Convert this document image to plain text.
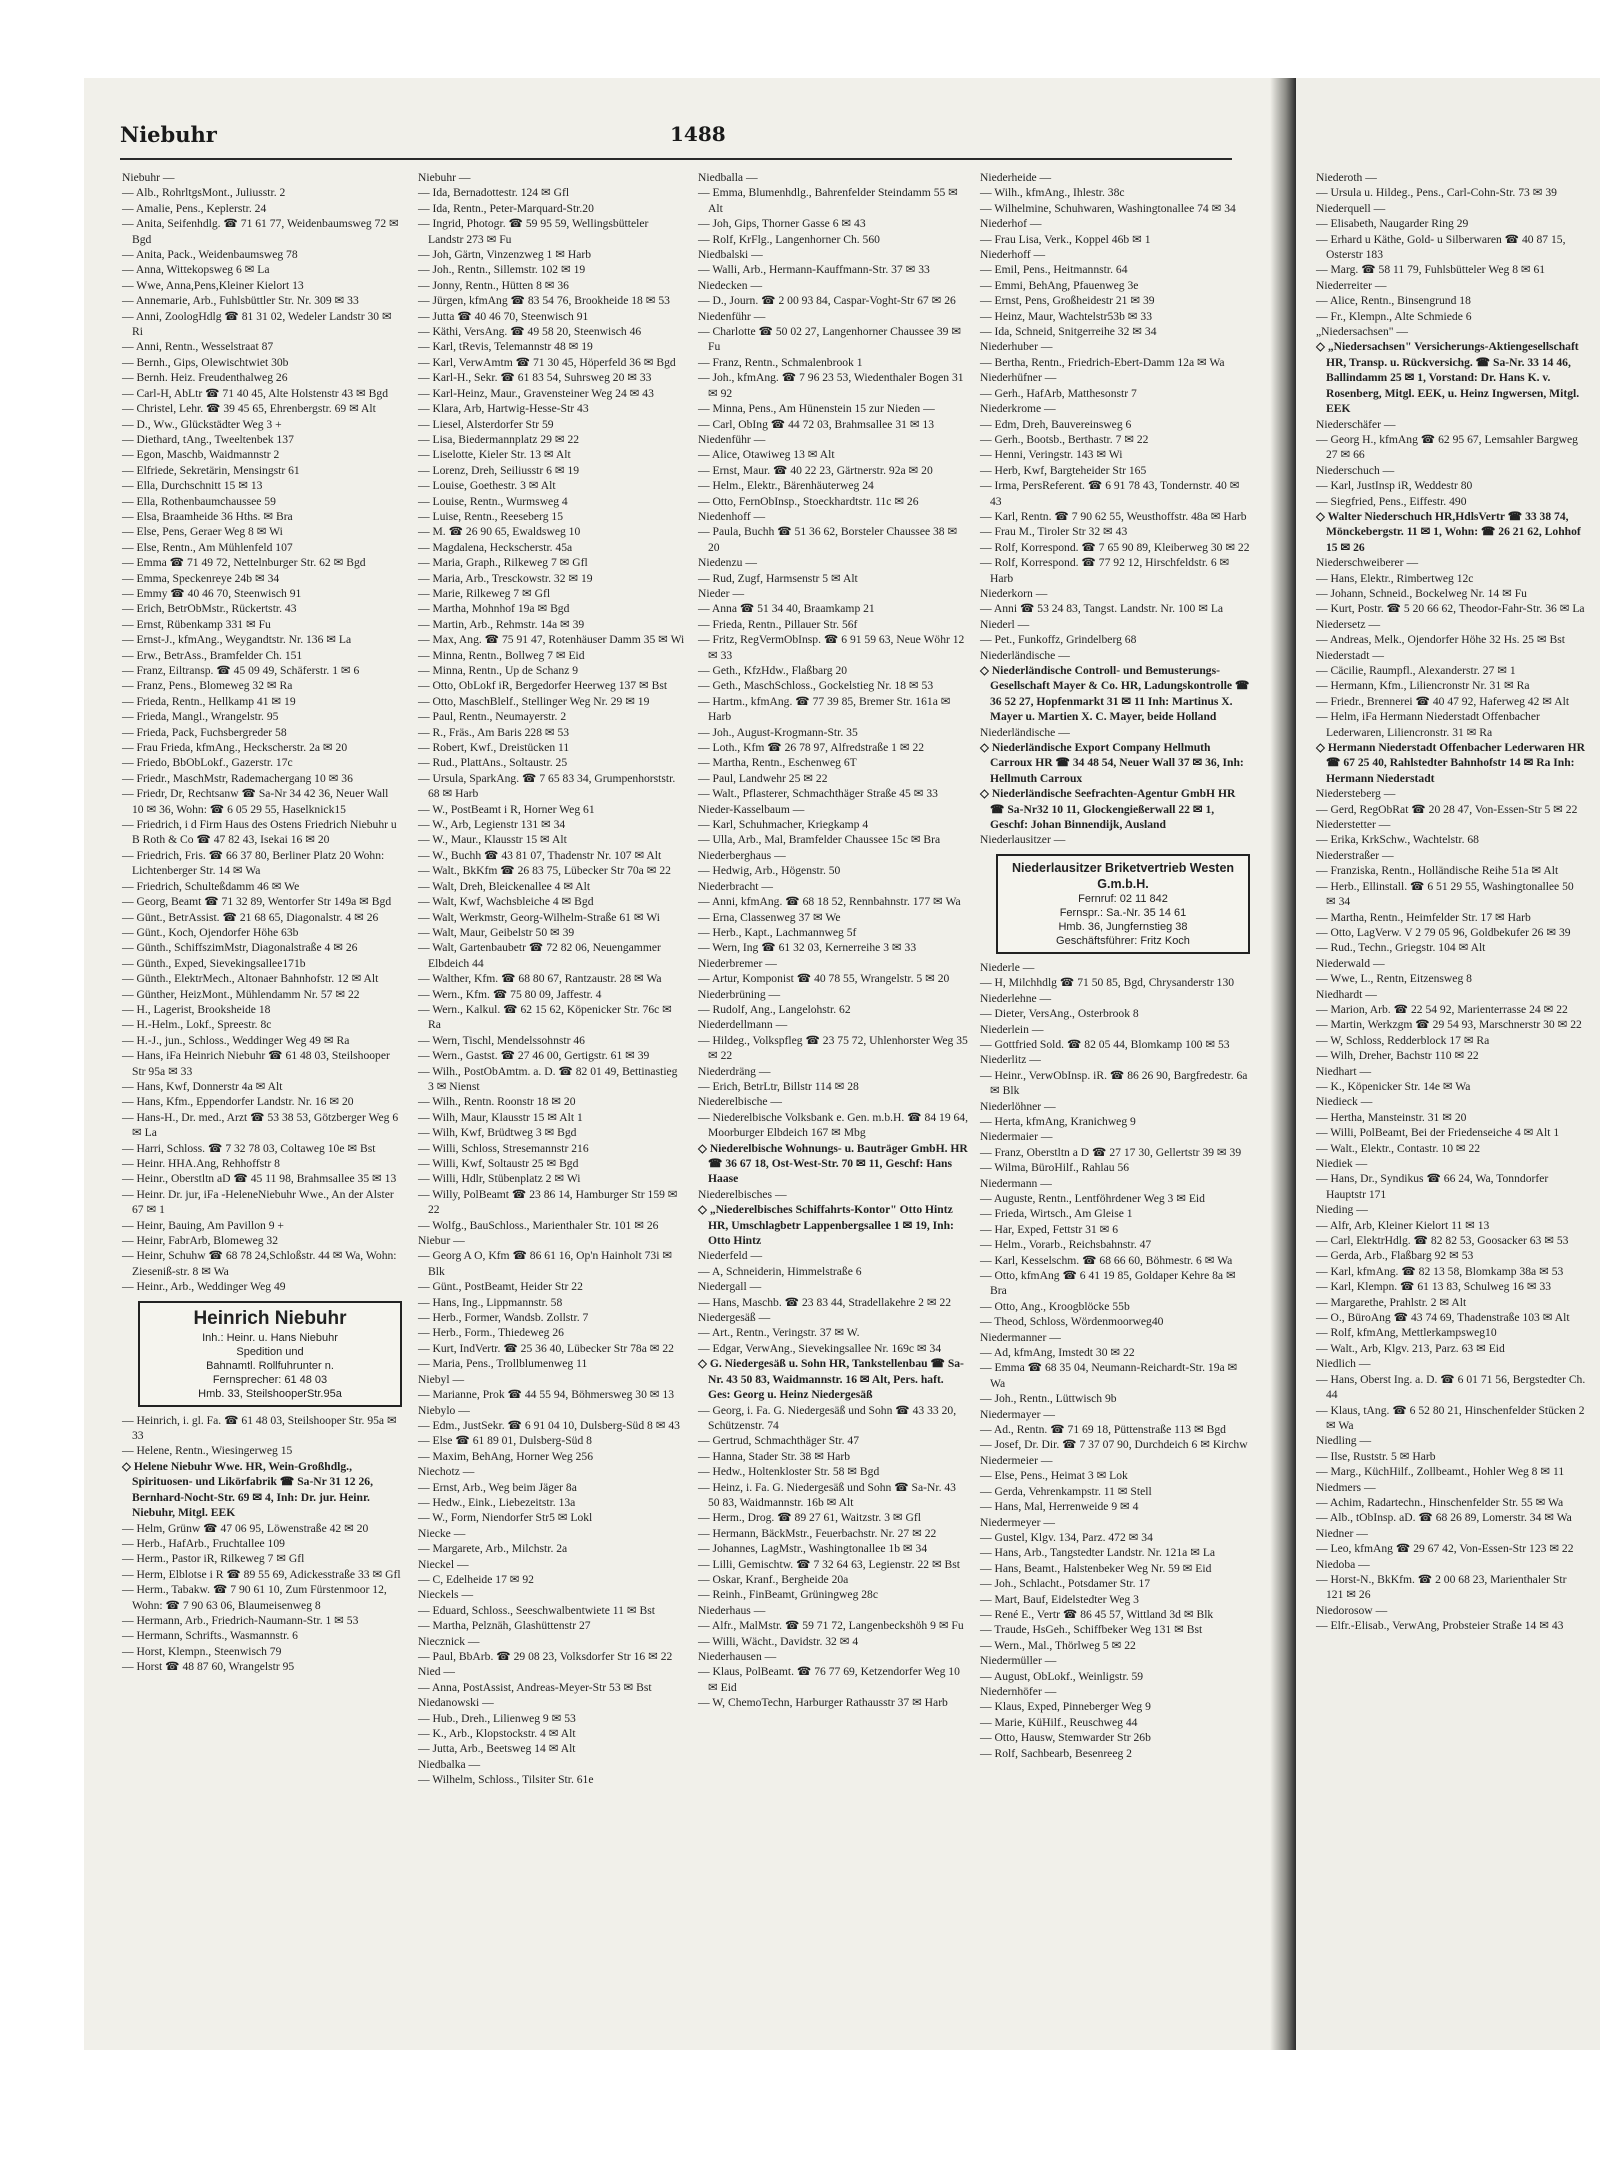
Niebuhr	1488
Niebuhr —
— Alb., RohrltgsMont., Juliusstr. 2
— Amalie, Pens., Keplerstr. 24
— Anita, Seifenhdlg. ☎ 71 61 77, Weidenbaumsweg 72 ✉ Bgd
— Anita, Pack., Weidenbaumsweg 78
— Anna, Wittekopsweg 6 ✉ La
— Wwe, Anna,Pens,Kleiner Kielort 13
— Annemarie, Arb., Fuhlsbüttler Str. Nr. 309 ✉ 33
— Anni, ZoologHdlg ☎ 81 31 02, Wedeler Landstr 30 ✉ Ri
— Anni, Rentn., Wesselstraat 87
— Bernh., Gips, Olewischtwiet 30b
— Bernh. Heiz. Freudenthalweg 26
— Carl-H, AbLtr ☎ 71 40 45, Alte Holstenstr 43 ✉ Bgd
— Christel, Lehr. ☎ 39 45 65, Ehrenbergstr. 69 ✉ Alt
— D., Ww., Glückstädter Weg 3 +
— Diethard, tAng., Tweeltenbek 137
— Egon, Maschb, Waidmannstr 2
— Elfriede, Sekretärin, Mensingstr 61
— Ella, Durchschnitt 15 ✉ 13
— Ella, Rothenbaumchaussee 59
— Elsa, Braamheide 36 Hths. ✉ Bra
— Else, Pens, Geraer Weg 8 ✉ Wi
— Else, Rentn., Am Mühlenfeld 107
— Emma ☎ 71 49 72, Nettelnburger Str. 62 ✉ Bgd
— Emma, Speckenreye 24b ✉ 34
— Emmy ☎ 40 46 70, Steenwisch 91
— Erich, BetrObMstr., Rückertstr. 43
— Ernst, Rübenkamp 331 ✉ Fu
— Ernst-J., kfmAng., Weygandtstr. Nr. 136 ✉ La
— Erw., BetrAss., Bramfelder Ch. 151
— Franz, Eiltransp. ☎ 45 09 49, Schäferstr. 1 ✉ 6
— Franz, Pens., Blomeweg 32 ✉ Ra
— Frieda, Rentn., Hellkamp 41 ✉ 19
— Frieda, Mangl., Wrangelstr. 95
— Frieda, Pack, Fuchsbergreder 58
— Frau Frieda, kfmAng., Heckscherstr. 2a ✉ 20
— Friedo, BbObLokf., Gazerstr. 17c
— Friedr., MaschMstr, Rademachergang 10 ✉ 36
— Friedr, Dr, Rechtsanw ☎ Sa-Nr 34 42 36, Neuer Wall 10 ✉ 36, Wohn: ☎ 6 05 29 55, Haselknick15
— Friedrich, i d Firm Haus des Ostens Friedrich Niebuhr u B Roth & Co ☎ 47 82 43, Isekai 16 ✉ 20
— Friedrich, Fris. ☎ 66 37 80, Berliner Platz 20 Wohn: Lichtenberger Str. 14 ✉ Wa
— Friedrich, Schulteßdamm 46 ✉ We
— Georg, Beamt ☎ 71 32 89, Wentorfer Str 149a ✉ Bgd
— Günt., BetrAssist. ☎ 21 68 65, Diagonalstr. 4 ✉ 26
— Günt., Koch, Ojendorfer Höhe 63b
— Günth., SchiffszimMstr, Diagonalstraße 4 ✉ 26
— Günth., Exped, Sievekingsallee171b
— Günth., ElektrMech., Altonaer Bahnhofstr. 12 ✉ Alt
— Günther, HeizMont., Mühlendamm Nr. 57 ✉ 22
— H., Lagerist, Brooksheide 18
— H.-Helm., Lokf., Spreestr. 8c
— H.-J., jun., Schloss., Weddinger Weg 49 ✉ Ra
— Hans, iFa Heinrich Niebuhr ☎ 61 48 03, Steilshooper Str 95a ✉ 33
— Hans, Kwf, Donnerstr 4a ✉ Alt
— Hans, Kfm., Eppendorfer Landstr. Nr. 16 ✉ 20
— Hans-H., Dr. med., Arzt ☎ 53 38 53, Götzberger Weg 6 ✉ La
— Harri, Schloss. ☎ 7 32 78 03, Coltaweg 10e ✉ Bst
— Heinr. HHA.Ang, Rehhoffstr 8
— Heinr., Oberstltn aD ☎ 45 11 98, Brahmsallee 35 ✉ 13
— Heinr. Dr. jur, iFa -HeleneNiebuhr Wwe., An der Alster 67 ✉ 1
— Heinr, Bauing, Am Pavillon 9 +
— Heinr, FabrArb, Blomeweg 32
— Heinr, Schuhw ☎ 68 78 24,Schloßstr. 44 ✉ Wa, Wohn: Zieseniß-str. 8 ✉ Wa
— Heinr., Arb., Weddinger Weg 49
Heinrich Niebuhr
Inh.: Heinr. u. Hans Niebuhr
Spedition und
Bahnamtl. Rollfuhrunter n.
Fernsprecher: 61 48 03
Hmb. 33, SteilshooperStr.95a
— Heinrich, i. gl. Fa. ☎ 61 48 03, Steilshooper Str. 95a ✉ 33
— Helene, Rentn., Wiesingerweg 15
◇ Helene Niebuhr Wwe. HR, Wein-Großhdlg., Spirituosen- und Likörfabrik ☎ Sa-Nr 31 12 26, Bernhard-Nocht-Str. 69 ✉ 4, Inh: Dr. jur. Heinr. Niebuhr, Mitgl. EEK
— Helm, Grünw ☎ 47 06 95, Löwenstraße 42 ✉ 20
— Herb., HafArb., Fruchtallee 109
— Herm., Pastor iR, Rilkeweg 7 ✉ Gfl
— Herm, Elblotse i R ☎ 89 55 69, Adickesstraße 33 ✉ Gfl
— Herm., Tabakw. ☎ 7 90 61 10, Zum Fürstenmoor 12, Wohn: ☎ 7 90 63 06, Blaumeisenweg 8
— Hermann, Arb., Friedrich-Naumann-Str. 1 ✉ 53
— Hermann, Schrifts., Wasmannstr. 6
— Horst, Klempn., Steenwisch 79
— Horst ☎ 48 87 60, Wrangelstr 95
Niebuhr —
— Ida, Bernadottestr. 124 ✉ Gfl
— Ida, Rentn., Peter-Marquard-Str.20
— Ingrid, Photogr. ☎ 59 95 59, Wellingsbütteler Landstr 273 ✉ Fu
— Joh, Gärtn, Vinzenzweg 1 ✉ Harb
— Joh., Rentn., Sillemstr. 102 ✉ 19
— Jonny, Rentn., Hütten 8 ✉ 36
— Jürgen, kfmAng ☎ 83 54 76, Brookheide 18 ✉ 53
— Jutta ☎ 40 46 70, Steenwisch 91
— Käthi, VersAng. ☎ 49 58 20, Steenwisch 46
— Karl, tRevis, Telemannstr 48 ✉ 19
— Karl, VerwAmtm ☎ 71 30 45, Höperfeld 36 ✉ Bgd
— Karl-H., Sekr. ☎ 61 83 54, Suhrsweg 20 ✉ 33
— Karl-Heinz, Maur., Gravensteiner Weg 24 ✉ 43
— Klara, Arb, Hartwig-Hesse-Str 43
— Liesel, Alsterdorfer Str 59
— Lisa, Biedermannplatz 29 ✉ 22
— Liselotte, Kieler Str. 13 ✉ Alt
— Lorenz, Dreh, Seiliusstr 6 ✉ 19
— Louise, Goethestr. 3 ✉ Alt
— Louise, Rentn., Wurmsweg 4
— Luise, Rentn., Reeseberg 15
— M. ☎ 26 90 65, Ewaldsweg 10
— Magdalena, Heckscherstr. 45a
— Maria, Graph., Rilkeweg 7 ✉ Gfl
— Maria, Arb., Tresckowstr. 32 ✉ 19
— Marie, Rilkeweg 7 ✉ Gfl
— Martha, Mohnhof 19a ✉ Bgd
— Martin, Arb., Rehmstr. 14a ✉ 39
— Max, Ang. ☎ 75 91 47, Rotenhäuser Damm 35 ✉ Wi
— Minna, Rentn., Bollweg 7 ✉ Eid
— Minna, Rentn., Up de Schanz 9
— Otto, ObLokf iR, Bergedorfer Heerweg 137 ✉ Bst
— Otto, MaschBlelf., Stellinger Weg Nr. 29 ✉ 19
— Paul, Rentn., Neumayerstr. 2
— R., Fräs., Am Baris 228 ✉ 53
— Robert, Kwf., Dreistücken 11
— Rud., PlattAns., Soltaustr. 25
— Ursula, SparkAng. ☎ 7 65 83 34, Grumpenhorststr. 68 ✉ Harb
— W., PostBeamt i R, Horner Weg 61
— W., Arb, Legienstr 131 ✉ 34
— W., Maur., Klausstr 15 ✉ Alt
— W., Buchh ☎ 43 81 07, Thadenstr Nr. 107 ✉ Alt
— Walt., BkKfm ☎ 26 83 75, Lübecker Str 70a ✉ 22
— Walt, Dreh, Bleickenallee 4 ✉ Alt
— Walt, Kwf, Wachsbleiche 4 ✉ Bgd
— Walt, Werkmstr, Georg-Wilhelm-Straße 61 ✉ Wi
— Walt, Maur, Geibelstr 50 ✉ 39
— Walt, Gartenbaubetr ☎ 72 82 06, Neuengammer Elbdeich 44
— Walther, Kfm. ☎ 68 80 67, Rantzaustr. 28 ✉ Wa
— Wern., Kfm. ☎ 75 80 09, Jaffestr. 4
— Wern., Kalkul. ☎ 62 15 62, Köpenicker Str. 76c ✉ Ra
— Wern, Tischl, Mendelssohnstr 46
— Wern., Gastst. ☎ 27 46 00, Gertigstr. 61 ✉ 39
— Wilh., PostObAmtm. a. D. ☎ 82 01 49, Bettinastieg 3 ✉ Nienst
— Wilh., Rentn. Roonstr 18 ✉ 20
— Wilh, Maur, Klausstr 15 ✉ Alt 1
— Wilh, Kwf, Brüdtweg 3 ✉ Bgd
— Willi, Schloss, Stresemannstr 216
— Willi, Kwf, Soltaustr 25 ✉ Bgd
— Willi, Hdlr, Stübenplatz 2 ✉ Wi
— Willy, PolBeamt ☎ 23 86 14, Hamburger Str 159 ✉ 22
— Wolfg., BauSchloss., Marienthaler Str. 101 ✉ 26
Niebur —
— Georg A O, Kfm ☎ 86 61 16, Op'n Hainholt 73i ✉ Blk
— Günt., PostBeamt, Heider Str 22
— Hans, Ing., Lippmannstr. 58
— Herb., Former, Wandsb. Zollstr. 7
— Herb., Form., Thiedeweg 26
— Kurt, IndVertr. ☎ 25 36 40, Lübecker Str 78a ✉ 22
— Maria, Pens., Trollblumenweg 11
Niebyl —
— Marianne, Prok ☎ 44 55 94, Böhmersweg 30 ✉ 13
Niebylo —
— Edm., JustSekr. ☎ 6 91 04 10, Dulsberg-Süd 8 ✉ 43
— Else ☎ 61 89 01, Dulsberg-Süd 8
— Maxim, BehAng, Horner Weg 256
Niechotz —
— Ernst, Arb., Weg beim Jäger 8a
— Hedw., Eink., Liebezeitstr. 13a
— W., Form, Niendorfer Str5 ✉ Lokl
Niecke —
— Margarete, Arb., Milchstr. 2a
Nieckel —
— C, Edelheide 17 ✉ 92
Nieckels —
— Eduard, Schloss., Seeschwalbentwiete 11 ✉ Bst
— Martha, Pelznäh, Glashüttenstr 27
Niecznick —
— Paul, BbArb. ☎ 29 08 23, Volksdorfer Str 16 ✉ 22
Nied —
— Anna, PostAssist, Andreas-Meyer-Str 53 ✉ Bst
Niedanowski —
— Hub., Dreh., Lilienweg 9 ✉ 53
— K., Arb., Klopstockstr. 4 ✉ Alt
— Jutta, Arb., Beetsweg 14 ✉ Alt
Niedbalka —
— Wilhelm, Schloss., Tilsiter Str. 61e
Niedballa —
— Emma, Blumenhdlg., Bahrenfelder Steindamm 55 ✉ Alt
— Joh, Gips, Thorner Gasse 6 ✉ 43
— Rolf, KrFlg., Langenhorner Ch. 560
Niedbalski —
— Walli, Arb., Hermann-Kauffmann-Str. 37 ✉ 33
Niedecken —
— D., Journ. ☎ 2 00 93 84, Caspar-Voght-Str 67 ✉ 26
Niedenführ —
— Charlotte ☎ 50 02 27, Langenhorner Chaussee 39 ✉ Fu
— Franz, Rentn., Schmalenbrook 1
— Joh., kfmAng. ☎ 7 96 23 53, Wiedenthaler Bogen 31 ✉ 92
— Minna, Pens., Am Hünenstein 15 zur Nieden —
— Carl, ObIng ☎ 44 72 03, Brahmsallee 31 ✉ 13
Niedenführ —
— Alice, Otawiweg 13 ✉ Alt
— Ernst, Maur. ☎ 40 22 23, Gärtnerstr. 92a ✉ 20
— Helm., Elektr., Bärenhäuterweg 24
— Otto, FernObInsp., Stoeckhardtstr. 11c ✉ 26
Niedenhoff —
— Paula, Buchh ☎ 51 36 62, Borsteler Chaussee 38 ✉ 20
Niedenzu —
— Rud, Zugf, Harmsenstr 5 ✉ Alt
Nieder —
— Anna ☎ 51 34 40, Braamkamp 21
— Frieda, Rentn., Pillauer Str. 56f
— Fritz, RegVermObInsp. ☎ 6 91 59 63, Neue Wöhr 12 ✉ 33
— Geth., KfzHdw., Flaßbarg 20
— Geth., MaschSchloss., Gockelstieg Nr. 18 ✉ 53
— Hartm., kfmAng. ☎ 77 39 85, Bremer Str. 161a ✉ Harb
— Joh., August-Krogmann-Str. 35
— Loth., Kfm ☎ 26 78 97, Alfredstraße 1 ✉ 22
— Martha, Rentn., Eschenweg 6T
— Paul, Landwehr 25 ✉ 22
— Walt., Pflasterer, Schmachthäger Straße 45 ✉ 33
Nieder-Kasselbaum —
— Karl, Schuhmacher, Kriegkamp 4
— Ulla, Arb., Mal, Bramfelder Chaussee 15c ✉ Bra
Niederberghaus —
— Hedwig, Arb., Högenstr. 50
Niederbracht —
— Anni, kfmAng. ☎ 68 18 52, Rennbahnstr. 177 ✉ Wa
— Erna, Classenweg 37 ✉ We
— Herb., Kapt., Lachmannweg 5f
— Wern, Ing ☎ 61 32 03, Kernerreihe 3 ✉ 33
Niederbremer —
— Artur, Komponist ☎ 40 78 55, Wrangelstr. 5 ✉ 20
Niederbrüning —
— Rudolf, Ang., Langelohstr. 62
Niederdellmann —
— Hildeg., Volkspfleg ☎ 23 75 72, Uhlenhorster Weg 35 ✉ 22
Niederdräng —
— Erich, BetrLtr, Billstr 114 ✉ 28
Niederelbische —
— Niederelbische Volksbank e. Gen. m.b.H. ☎ 84 19 64, Moorburger Elbdeich 167 ✉ Mbg
◇ Niederelbische Wohnungs- u. Bauträger GmbH. HR ☎ 36 67 18, Ost-West-Str. 70 ✉ 11, Geschf: Hans Haase
Niederelbisches —
◇ „Niederelbisches Schiffahrts-Kontor" Otto Hintz HR, Umschlagbetr Lappenbergsallee 1 ✉ 19, Inh: Otto Hintz
Niederfeld —
— A, Schneiderin, Himmelstraße 6
Niedergall —
— Hans, Maschb. ☎ 23 83 44, Stradellakehre 2 ✉ 22
Niedergesäß —
— Art., Rentn., Veringstr. 37 ✉ W.
— Edgar, VerwAng., Sievekingsallee Nr. 169c ✉ 34
◇ G. Niedergesäß u. Sohn HR, Tankstellenbau ☎ Sa-Nr. 43 50 83, Waidmannstr. 16 ✉ Alt, Pers. haft. Ges: Georg u. Heinz Niedergesäß
— Georg, i. Fa. G. Niedergesäß und Sohn ☎ 43 33 20, Schützenstr. 74
— Gertrud, Schmachthäger Str. 47
— Hanna, Stader Str. 38 ✉ Harb
— Hedw., Holtenkloster Str. 58 ✉ Bgd
— Heinz, i. Fa. G. Niedergesäß und Sohn ☎ Sa-Nr. 43 50 83, Waidmannstr. 16b ✉ Alt
— Herm., Drog. ☎ 89 27 61, Waitzstr. 3 ✉ Gfl
— Hermann, BäckMstr., Feuerbachstr. Nr. 27 ✉ 22
— Johannes, LagMstr., Washingtonallee 1b ✉ 34
— Lilli, Gemischtw. ☎ 7 32 64 63, Legienstr. 22 ✉ Bst
— Oskar, Kranf., Bergheide 20a
— Reinh., FinBeamt, Grüningweg 28c
Niederhaus —
— Alfr., MalMstr. ☎ 59 71 72, Langenbeckshöh 9 ✉ Fu
— Willi, Wächt., Davidstr. 32 ✉ 4
Niederhausen —
— Klaus, PolBeamt. ☎ 76 77 69, Ketzendorfer Weg 10 ✉ Eid
— W, ChemoTechn, Harburger Rathausstr 37 ✉ Harb
Niederheide —
— Wilh., kfmAng., Ihlestr. 38c
— Wilhelmine, Schuhwaren, Washingtonallee 74 ✉ 34
Niederhof —
— Frau Lisa, Verk., Koppel 46b ✉ 1
Niederhoff —
— Emil, Pens., Heitmannstr. 64
— Emmi, BehAng, Pfauenweg 3e
— Ernst, Pens, Großheidestr 21 ✉ 39
— Heinz, Maur, Wachtelstr53b ✉ 33
— Ida, Schneid, Snitgerreihe 32 ✉ 34
Niederhuber —
— Bertha, Rentn., Friedrich-Ebert-Damm 12a ✉ Wa
Niederhüfner —
— Gerh., HafArb, Matthesonstr 7
Niederkrome —
— Edm, Dreh, Bauvereinsweg 6
— Gerh., Bootsb., Berthastr. 7 ✉ 22
— Henni, Veringstr. 143 ✉ Wi
— Herb, Kwf, Bargteheider Str 165
— Irma, PersReferent. ☎ 6 91 78 43, Tondernstr. 40 ✉ 43
— Karl, Rentn. ☎ 7 90 62 55, Weusthoffstr. 48a ✉ Harb
— Frau M., Tiroler Str 32 ✉ 43
— Rolf, Korrespond. ☎ 7 65 90 89, Kleiberweg 30 ✉ 22
— Rolf, Korrespond. ☎ 77 92 12, Hirschfeldstr. 6 ✉ Harb
Niederkorn —
— Anni ☎ 53 24 83, Tangst. Landstr. Nr. 100 ✉ La
Niederl —
— Pet., Funkoffz, Grindelberg 68
Niederländische —
◇ Niederländische Controll- und Bemusterungs-Gesellschaft Mayer & Co. HR, Ladungskontrolle ☎ 36 52 27, Hopfenmarkt 31 ✉ 11 Inh: Martinus X. Mayer u. Martien X. C. Mayer, beide Holland
Niederländische —
◇ Niederländische Export Company Hellmuth Carroux HR ☎ 34 48 54, Neuer Wall 37 ✉ 36, Inh: Hellmuth Carroux
◇ Niederländische Seefrachten-Agentur GmbH HR ☎ Sa-Nr32 10 11, Glockengießerwall 22 ✉ 1, Geschf: Johan Binnendijk, Ausland
Niederlausitzer —
Niederlausitzer Briketvertrieb Westen G.m.b.H.
Fernruf: 02 11 842
Fernspr.: Sa.-Nr. 35 14 61
Hmb. 36, Jungfernstieg 38
Geschäftsführer: Fritz Koch
Niederle —
— H, Milchhdlg ☎ 71 50 85, Bgd, Chrysanderstr 130
Niederlehne —
— Dieter, VersAng., Osterbrook 8
Niederlein —
— Gottfried Sold. ☎ 82 05 44, Blomkamp 100 ✉ 53
Niederlitz —
— Heinr., VerwObInsp. iR. ☎ 86 26 90, Bargfredestr. 6a ✉ Blk
Niederlöhner —
— Herta, kfmAng, Kranichweg 9
Niedermaier —
— Franz, Oberstltn a D ☎ 27 17 30, Gellertstr 39 ✉ 39
— Wilma, BüroHilf., Rahlau 56
Niedermann —
— Auguste, Rentn., Lentföhrdener Weg 3 ✉ Eid
— Frieda, Wirtsch., Am Gleise 1
— Har, Exped, Fettstr 31 ✉ 6
— Helm., Vorarb., Reichsbahnstr. 47
— Karl, Kesselschm. ☎ 68 66 60, Böhmestr. 6 ✉ Wa
— Otto, kfmAng ☎ 6 41 19 85, Goldaper Kehre 8a ✉ Bra
— Otto, Ang., Kroogblöcke 55b
— Theod, Schloss, Wördenmoorweg40
Niedermanner —
— Ad, kfmAng, Imstedt 30 ✉ 22
— Emma ☎ 68 35 04, Neumann-Reichardt-Str. 19a ✉ Wa
— Joh., Rentn., Lüttwisch 9b
Niedermayer —
— Ad., Rentn. ☎ 71 69 18, Püttenstraße 113 ✉ Bgd
— Josef, Dr. Dir. ☎ 7 37 07 90, Durchdeich 6 ✉ Kirchw
Niedermeier —
— Else, Pens., Heimat 3 ✉ Lok
— Gerda, Vehrenkampstr. 11 ✉ Stell
— Hans, Mal, Herrenweide 9 ✉ 4
Niedermeyer —
— Gustel, Klgv. 134, Parz. 472 ✉ 34
— Hans, Arb., Tangstedter Landstr. Nr. 121a ✉ La
— Hans, Beamt., Halstenbeker Weg Nr. 59 ✉ Eid
— Joh., Schlacht., Potsdamer Str. 17
— Mart, Bauf, Eidelstedter Weg 3
— René E., Vertr ☎ 86 45 57, Wittland 3d ✉ Blk
— Traude, HsGeh., Schiffbeker Weg 131 ✉ Bst
— Wern., Mal., Thörlweg 5 ✉ 22
Niedermüller —
— August, ObLokf., Weinligstr. 59
Niedernhöfer —
— Klaus, Exped, Pinneberger Weg 9
— Marie, KüHilf., Reuschweg 44
— Otto, Hausw, Stemwarder Str 26b
— Rolf, Sachbearb, Besenreeg 2
Niederoth —
— Ursula u. Hildeg., Pens., Carl-Cohn-Str. 73 ✉ 39
Niederquell —
— Elisabeth, Naugarder Ring 29
— Erhard u Käthe, Gold- u Silberwaren ☎ 40 87 15, Osterstr 183
— Marg. ☎ 58 11 79, Fuhlsbütteler Weg 8 ✉ 61
Niederreiter —
— Alice, Rentn., Binsengrund 18
— Fr., Klempn., Alte Schmiede 6
„Niedersachsen" —
◇ „Niedersachsen" Versicherungs-Aktiengesellschaft HR, Transp. u. Rückversichg. ☎ Sa-Nr. 33 14 46, Ballindamm 25 ✉ 1, Vorstand: Dr. Hans K. v. Rosenberg, Mitgl. EEK, u. Heinz Ingwersen, Mitgl. EEK
Niederschäfer —
— Georg H., kfmAng ☎ 62 95 67, Lemsahler Bargweg 27 ✉ 66
Niederschuch —
— Karl, JustInsp iR, Weddestr 80
— Siegfried, Pens., Eiffestr. 490
◇ Walter Niederschuch HR,HdlsVertr ☎ 33 38 74, Mönckebergstr. 11 ✉ 1, Wohn: ☎ 26 21 62, Lohhof 15 ✉ 26
Niederschweiberer —
— Hans, Elektr., Rimbertweg 12c
— Johann, Schneid., Bockelweg Nr. 14 ✉ Fu
— Kurt, Postr. ☎ 5 20 66 62, Theodor-Fahr-Str. 36 ✉ La
Niedersetz —
— Andreas, Melk., Ojendorfer Höhe 32 Hs. 25 ✉ Bst
Niederstadt —
— Cäcilie, Raumpfl., Alexanderstr. 27 ✉ 1
— Hermann, Kfm., Liliencronstr Nr. 31 ✉ Ra
— Friedr., Brennerei ☎ 40 47 92, Haferweg 42 ✉ Alt
— Helm, iFa Hermann Niederstadt Offenbacher Lederwaren, Liliencronstr. 31 ✉ Ra
◇ Hermann Niederstadt Offenbacher Lederwaren HR ☎ 67 25 40, Rahlstedter Bahnhofstr 14 ✉ Ra Inh: Hermann Niederstadt
Niedersteberg —
— Gerd, RegObRat ☎ 20 28 47, Von-Essen-Str 5 ✉ 22
Niederstetter —
— Erika, KrkSchw., Wachtelstr. 68
Niederstraßer —
— Franziska, Rentn., Holländische Reihe 51a ✉ Alt
— Herb., Ellinstall. ☎ 6 51 29 55, Washingtonallee 50 ✉ 34
— Martha, Rentn., Heimfelder Str. 17 ✉ Harb
— Otto, LagVerw. V 2 79 05 96, Goldbekufer 26 ✉ 39
— Rud., Techn., Griegstr. 104 ✉ Alt
Niederwald —
— Wwe, L., Rentn, Eitzensweg 8
Niedhardt —
— Marion, Arb. ☎ 22 54 92, Marienterrasse 24 ✉ 22
— Martin, Werkzgm ☎ 29 54 93, Marschnerstr 30 ✉ 22
— W, Schloss, Redderblock 17 ✉ Ra
— Wilh, Dreher, Bachstr 110 ✉ 22
Niedhart —
— K., Köpenicker Str. 14e ✉ Wa
Niedieck —
— Hertha, Mansteinstr. 31 ✉ 20
— Willi, PolBeamt, Bei der Friedenseiche 4 ✉ Alt 1
— Walt., Elektr., Contastr. 10 ✉ 22
Niediek —
— Hans, Dr., Syndikus ☎ 66 24, Wa, Tonndorfer Hauptstr 171
Nieding —
— Alfr, Arb, Kleiner Kielort 11 ✉ 13
— Carl, ElektrHdlg. ☎ 82 82 53, Goosacker 63 ✉ 53
— Gerda, Arb., Flaßbarg 92 ✉ 53
— Karl, kfmAng. ☎ 82 13 58, Blomkamp 38a ✉ 53
— Karl, Klempn. ☎ 61 13 83, Schulweg 16 ✉ 33
— Margarethe, Prahlstr. 2 ✉ Alt
— O., BüroAng ☎ 43 74 69, Thadenstraße 103 ✉ Alt
— Rolf, kfmAng, Mettlerkampsweg10
— Walt., Arb, Klgv. 213, Parz. 63 ✉ Eid
Niedlich —
— Hans, Oberst Ing. a. D. ☎ 6 01 71 56, Bergstedter Ch. 44
— Klaus, tAng. ☎ 6 52 80 21, Hinschenfelder Stücken 2 ✉ Wa
Niedling —
— Ilse, Ruststr. 5 ✉ Harb
— Marg., KüchHilf., Zollbeamt., Hohler Weg 8 ✉ 11
Niedmers —
— Achim, Radartechn., Hinschenfelder Str. 55 ✉ Wa
— Alb., tObInsp. aD. ☎ 68 26 89, Lomerstr. 34 ✉ Wa
Niedner —
— Leo, kfmAng ☎ 29 67 42, Von-Essen-Str 123 ✉ 22
Niedoba —
— Horst-N., BkKfm. ☎ 2 00 68 23, Marienthaler Str 121 ✉ 26
Niedorosow —
— Elfr.-Elisab., VerwAng, Probsteier Straße 14 ✉ 43
